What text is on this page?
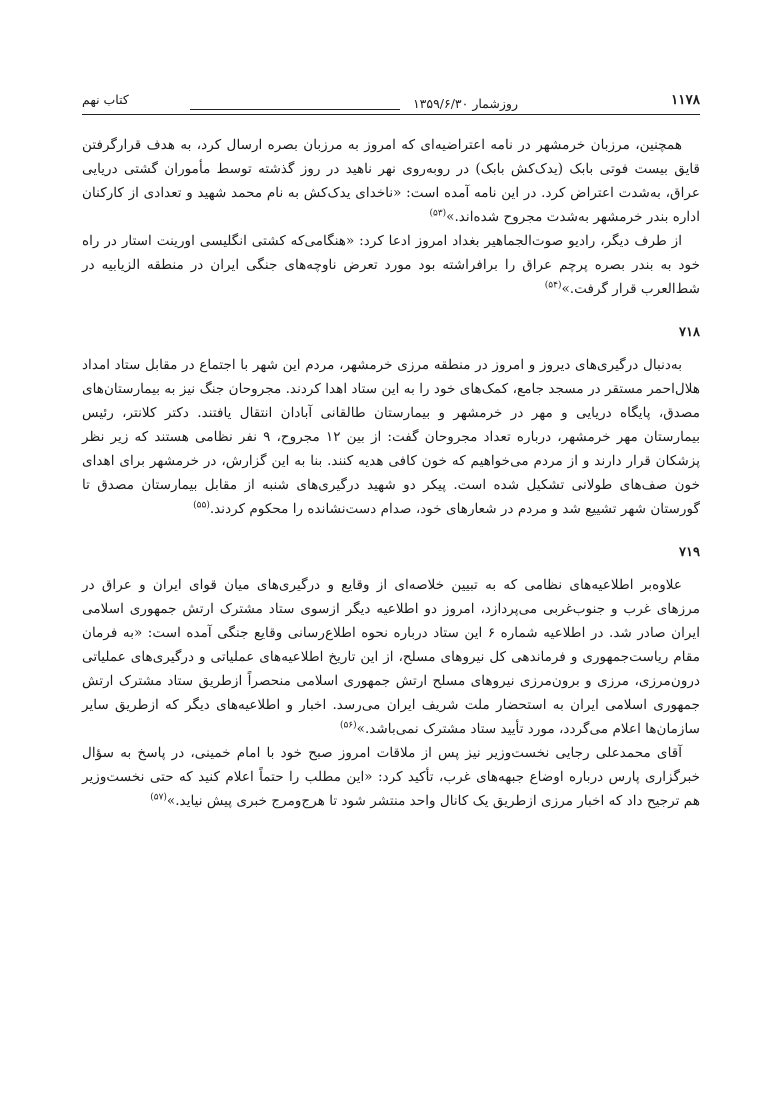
۱۱۷۸
روزشمار ۱۳۵۹/۶/۳۰
کتاب نهم

همچنین، مرزبان خرمشهر در نامه اعتراضیه‌ای که امروز به مرزبان بصره ارسال کرد، به هدف قرارگرفتن قایق بیست فوتی بابک (یدک‌کش بابک) در روبه‌روی نهر ناهید در روز گذشته توسط مأموران گشتی دریایی عراق، به‌شدت اعتراض کرد. در این نامه آمده است: «ناخدای یدک‌کش به نام محمد شهید و تعدادی از کارکنان اداره بندر خرمشهر به‌شدت مجروح شده‌اند.»$^{(۵۳)}$

از طرف دیگر، رادیو صوت‌الجماهیر بغداد امروز ادعا کرد: «هنگامی‌که کشتی انگلیسی اورینت استار در راه خود به بندر بصره پرچم عراق را برافراشته بود مورد تعرض ناوچه‌های جنگی ایران در منطقه الزیابیه در شط‌العرب قرار گرفت.»$^{(۵۴)}$

۷۱۸

به‌دنبال درگیری‌های دیروز و امروز در منطقه مرزی خرمشهر، مردم این شهر با اجتماع در مقابل ستاد امداد هلال‌احمر مستقر در مسجد جامع، کمک‌های خود را به این ستاد اهدا کردند. مجروحان جنگ نیز به بیمارستان‌های مصدق، پایگاه دریایی و مهر در خرمشهر و بیمارستان طالقانی آبادان انتقال یافتند. دکتر کلانتر، رئیس بیمارستان مهر خرمشهر، درباره تعداد مجروحان گفت: از بین ۱۲ مجروح، ۹ نفر نظامی هستند که زیر نظر پزشکان قرار دارند و از مردم می‌خواهیم که خون کافی هدیه کنند. بنا به این گزارش، در خرمشهر برای اهدای خون صف‌های طولانی تشکیل شده است. پیکر دو شهید درگیری‌های شنبه از مقابل بیمارستان مصدق تا گورستان شهر تشییع شد و مردم در شعارهای خود، صدام دست‌نشانده را محکوم کردند.$^{(۵۵)}$

۷۱۹

علاوه‌بر اطلاعیه‌های نظامی که به تبیین خلاصه‌ای از وقایع و درگیری‌های میان قوای ایران و عراق در مرزهای غرب و جنوب‌غربی می‌پردازد، امروز دو اطلاعیه دیگر ازسوی ستاد مشترک ارتش جمهوری اسلامی ایران صادر شد. در اطلاعیه شماره ۶ این ستاد درباره نحوه اطلاع‌رسانی وقایع جنگی آمده است: «به فرمان مقام ریاست‌جمهوری و فرماندهی کل نیروهای مسلح، از این تاریخ اطلاعیه‌های عملیاتی و درگیری‌های عملیاتی درون‌مرزی، مرزی و برون‌مرزی نیروهای مسلح ارتش جمهوری اسلامی منحصراً ازطریق ستاد مشترک ارتش جمهوری اسلامی ایران به استحضار ملت شریف ایران می‌رسد. اخبار و اطلاعیه‌های دیگر که ازطریق سایر سازمان‌ها اعلام می‌گردد، مورد تأیید ستاد مشترک نمی‌باشد.»$^{(۵۶)}$

آقای محمدعلی رجایی نخست‌وزیر نیز پس از ملاقات امروز صبح خود با امام خمینی، در پاسخ به سؤال خبرگزاری پارس درباره اوضاع جبهه‌های غرب، تأکید کرد: «این مطلب را حتماً اعلام کنید که حتی نخست‌وزیر هم ترجیح داد که اخبار مرزی ازطریق یک کانال واحد منتشر شود تا هرج‌ومرج خبری پیش نیاید.»$^{(۵۷)}$
